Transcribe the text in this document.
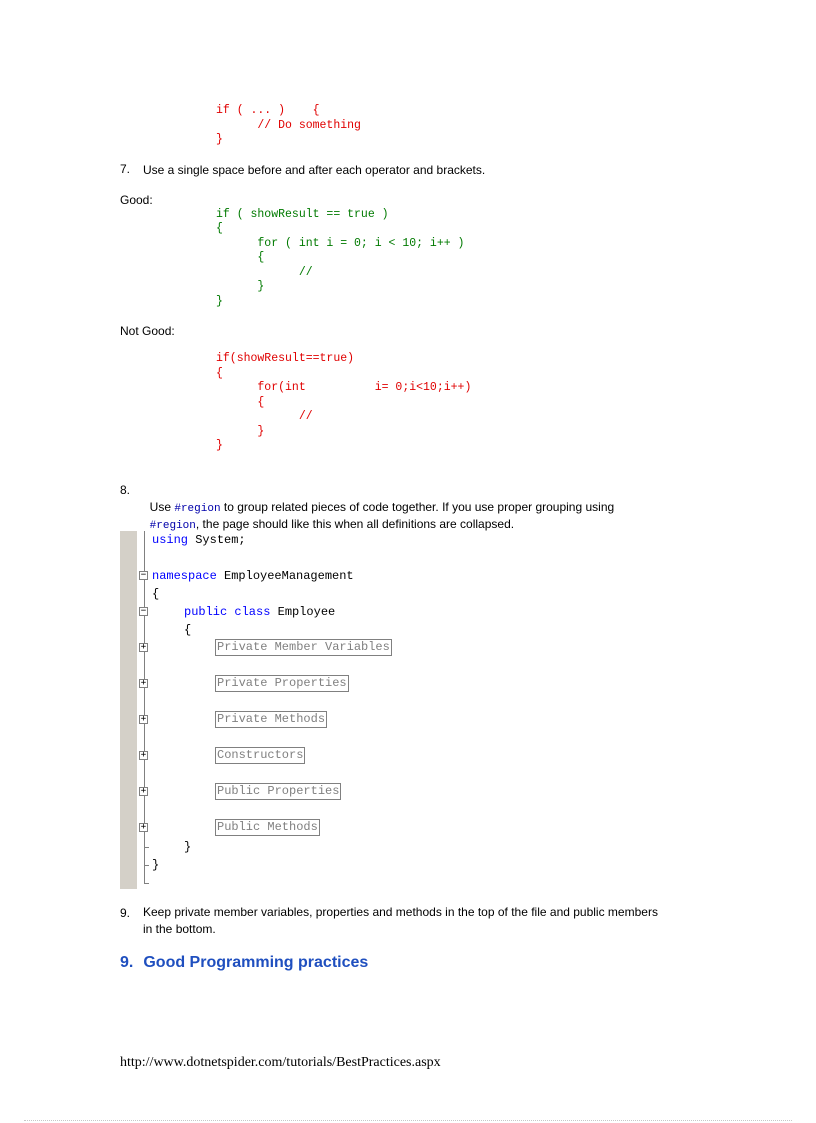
if ( ... )    {
// Do something
}
7. Use a single space before and after each operator and brackets.
Good:
if ( showResult == true )
{
for ( int i = 0; i < 10; i++ )
{
//
}
}
Not Good:
if(showResult==true)
{
for(int          i= 0;i<10;i++)
{
//
}
}
8.

Use #region to group related pieces of code together. If you use proper grouping using

#region, the page should like this when all definitions are collapsed.

using System;
− namespace EmployeeManagement
{
−	public class Employee
{
+	Private Member Variables
+	Private Properties
+	Private Methods
+	Constructors
+	Public Properties
+	Public Methods
}
}
9. Keep private member variables, properties and methods in the top of the file and public members in the bottom.
9. Good Programming practices
http://www.dotnetspider.com/tutorials/BestPractices.aspx
